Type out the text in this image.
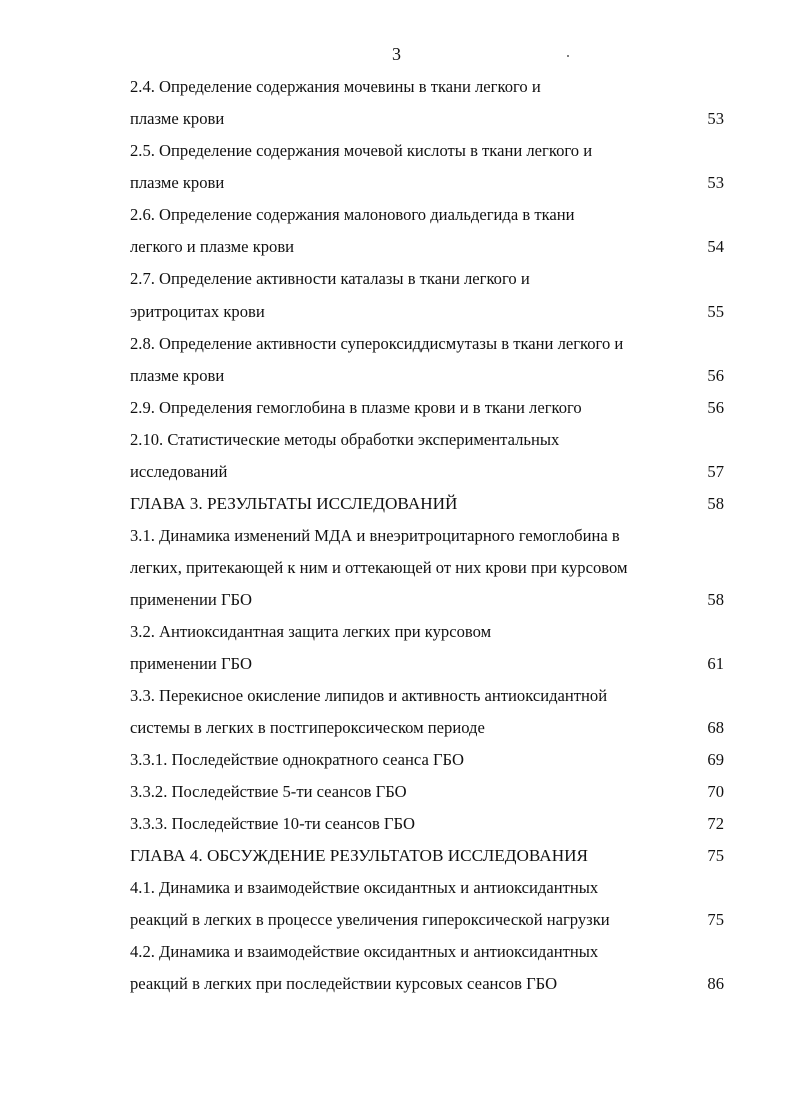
3
2.4. Определение содержания мочевины в ткани легкого и
плазме крови	53
2.5. Определение содержания мочевой кислоты в ткани легкого и
плазме крови	53
2.6. Определение содержания малонового диальдегида в ткани
легкого и плазме крови	54
2.7. Определение активности каталазы в ткани легкого и
эритроцитах крови	55
2.8. Определение активности супероксиддисмутазы в ткани легкого и
плазме крови	56
2.9. Определения гемоглобина в плазме крови и в ткани легкого	56
2.10. Статистические методы обработки экспериментальных
исследований	57
ГЛАВА 3. РЕЗУЛЬТАТЫ ИССЛЕДОВАНИЙ	58
3.1. Динамика изменений МДА и внеэритроцитарного гемоглобина в
легких, притекающей к ним и оттекающей от них крови при курсовом
применении ГБО	58
3.2. Антиоксидантная защита легких при курсовом
применении ГБО	61
3.3. Перекисное окисление липидов и активность антиоксидантной
системы в легких в постгипероксическом периоде	68
3.3.1. Последействие однократного сеанса ГБО	69
3.3.2. Последействие 5-ти сеансов ГБО	70
3.3.3. Последействие 10-ти сеансов ГБО	72
ГЛАВА 4. ОБСУЖДЕНИЕ РЕЗУЛЬТАТОВ ИССЛЕДОВАНИЯ	75
4.1. Динамика и взаимодействие оксидантных и антиоксидантных
реакций в легких в процессе увеличения гипероксической нагрузки	75
4.2. Динамика и взаимодействие оксидантных и антиоксидантных
реакций в легких при последействии курсовых сеансов ГБО	86
